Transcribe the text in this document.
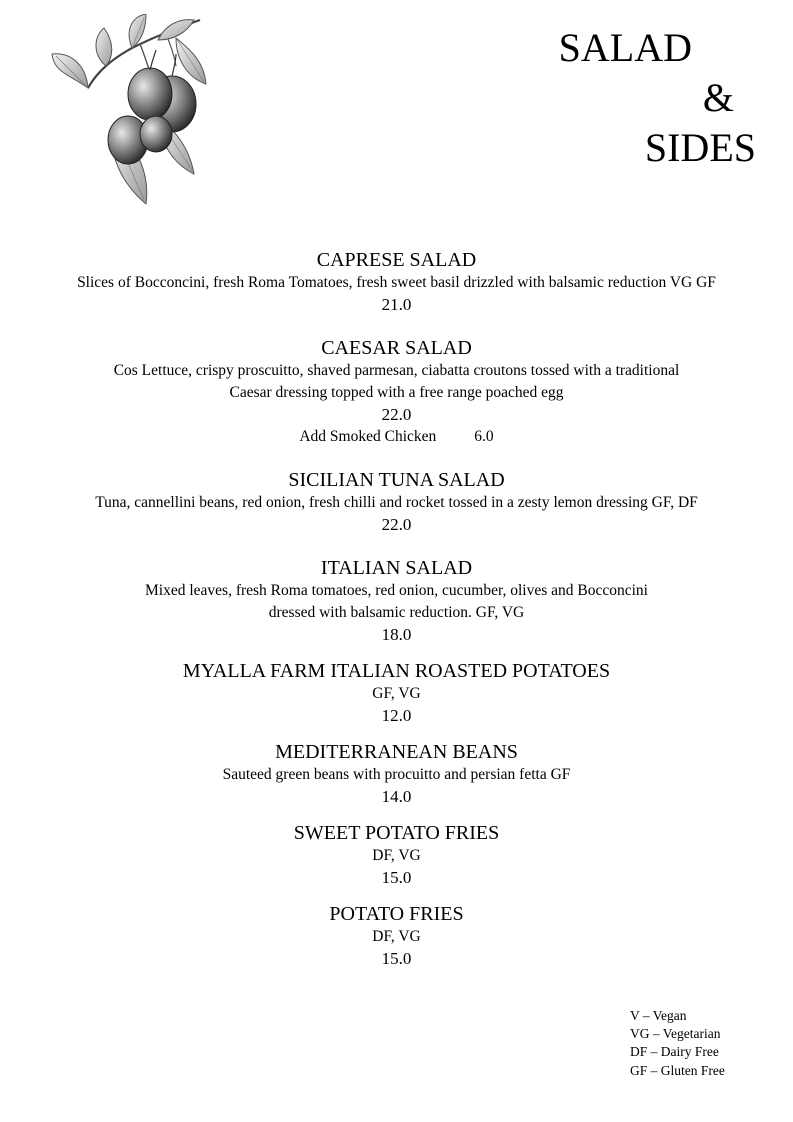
SALAD
&
SIDES
CAPRESE SALAD
Slices of Bocconcini, fresh Roma Tomatoes, fresh sweet basil drizzled with balsamic reduction VG GF
21.0
CAESAR SALAD
Cos Lettuce, crispy proscuitto, shaved parmesan, ciabatta croutons tossed with a traditional
Caesar dressing topped with a free range poached egg
22.0
Add Smoked Chicken 6.0
SICILIAN TUNA SALAD
Tuna, cannellini beans, red onion, fresh chilli and rocket tossed in a zesty lemon dressing GF, DF
22.0
ITALIAN SALAD
Mixed leaves, fresh Roma tomatoes, red onion, cucumber, olives and Bocconcini
dressed with balsamic reduction. GF, VG
18.0
MYALLA FARM ITALIAN ROASTED POTATOES
GF, VG
12.0
MEDITERRANEAN BEANS
Sauteed green beans with procuitto and persian fetta GF
14.0
SWEET POTATO FRIES
DF, VG
15.0
POTATO FRIES
DF, VG
15.0
V – Vegan
VG – Vegetarian
DF – Dairy Free
GF – Gluten Free
